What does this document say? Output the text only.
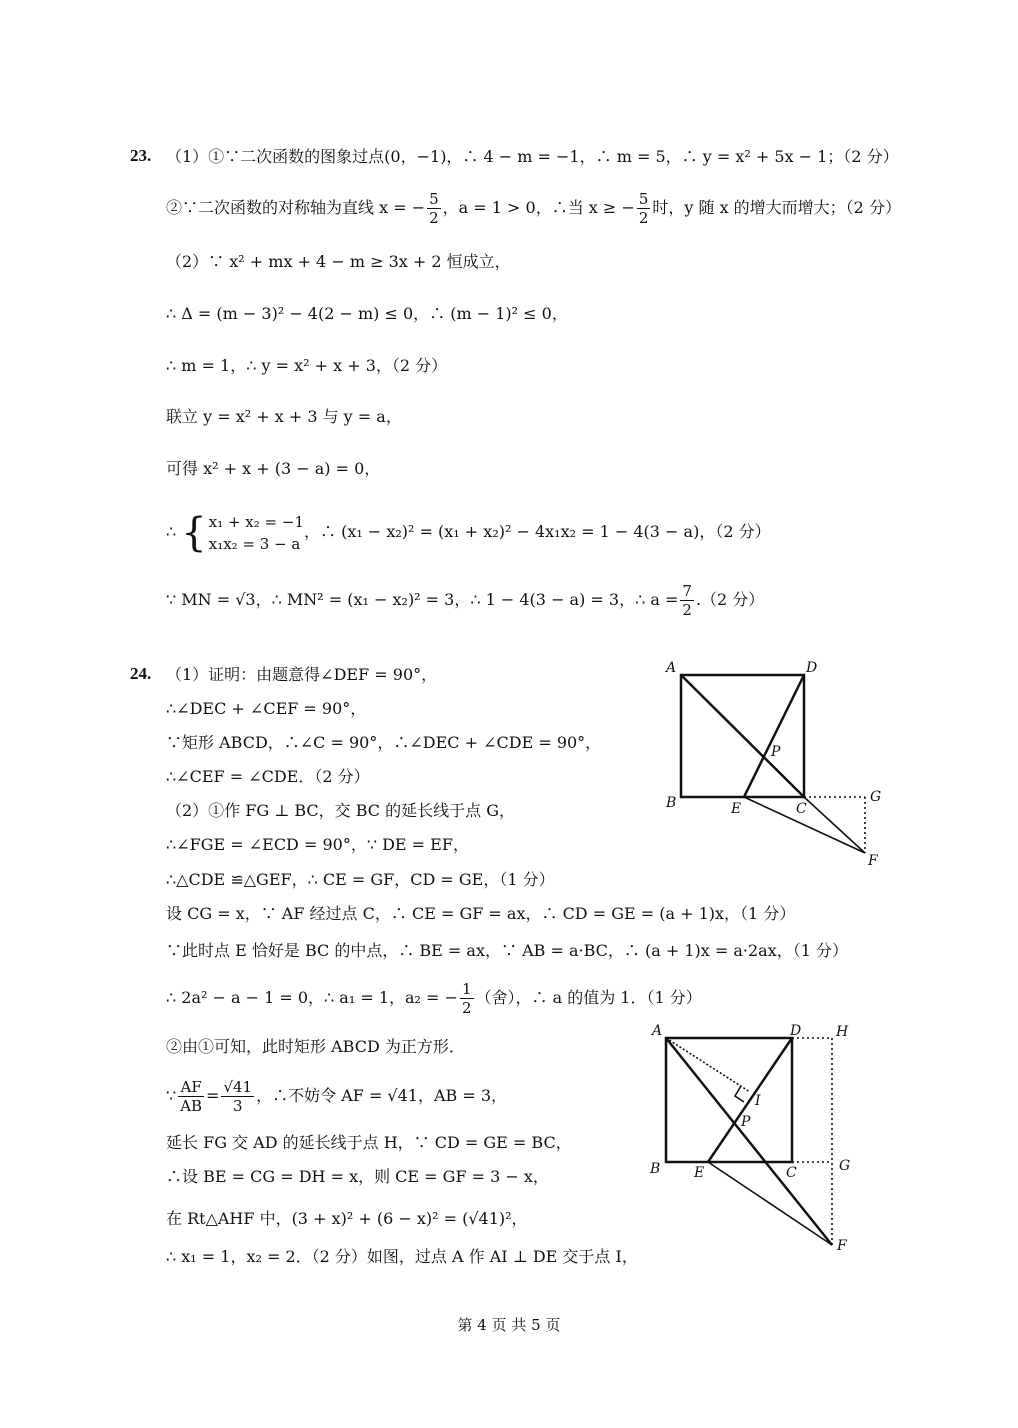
23. （1）①∵二次函数的图象过点(0，−1)，∴ 4 − m = −1，∴ m = 5，∴ y = x² + 5x − 1；（2 分）
②∵二次函数的对称轴为直线 x = − $\frac{5}{2}$ ，a = 1 > 0，∴当 x ≥ − $\frac{5}{2}$ 时，y 随 x 的增大而增大；（2 分）
（2）∵ x² + mx + 4 − m ≥ 3x + 2 恒成立，
∴ Δ = (m − 3)² − 4(2 − m) ≤ 0，∴ (m − 1)² ≤ 0，
∴ m = 1，∴ y = x² + x + 3，（2 分）
联立 y = x² + x + 3 与 y = a，
可得 x² + x + (3 − a) = 0，
∴ { x₁ + x₂ = −1
x₁x₂ = 3 − a
，∴ (x₁ − x₂)² = (x₁ + x₂)² − 4x₁x₂ = 1 − 4(3 − a)，（2 分）
∵ MN = √3，∴ MN² = (x₁ − x₂)² = 3，∴ 1 − 4(3 − a) = 3，∴ $a = \frac{7}{2} .(2$ 分）
24. （1）证明：由题意得∠DEF = 90°，
∴∠DEC + ∠CEF = 90°，
∵矩形 ABCD，∴∠C = 90°，∴∠DEC + ∠CDE = 90°，
∴∠CEF = ∠CDE．（2 分）
（2）①作 FG ⊥ BC，交 BC 的延长线于点 G，
∴∠FGE = ∠ECD = 90°，∵ DE = EF，
∴△CDE ≌△GEF，∴ CE = GF，CD = GE，（1 分）
设 CG = x，∵ AF 经过点 C，∴ CE = GF = ax，∴ CD = GE = (a + 1)x，（1 分）
∵此时点 E 恰好是 BC 的中点，∴ BE = ax，∵ AB = a·BC，∴ (a + 1)x = a·2ax，（1 分）
∴ 2a² − a − 1 = 0，∴ a₁ = 1，a₂ = − $\frac{1}{2}$ （舍），∴ a 的值为 1．（1 分）
②由①可知，此时矩形 ABCD 为正方形．
∵ $\frac{AF}{AB} = \frac{√41}{3}$ ，∴不妨令 AF = √41，AB = 3，
延长 FG 交 AD 的延长线于点 H，∵ CD = GE = BC，
∴设 BE = CG = DH = x，则 CE = GF = 3 − x，
在 Rt△AHF 中，(3 + x)² + (6 − x)² = (√41)²，
∴ x₁ = 1，x₂ = 2．（2 分）如图，过点 A 作 AI ⊥ DE 交于点 I，
A	D
P
B	E	C
G
F
A	D H
I
P
B E	C	G
F
第 4 页 共 5 页
